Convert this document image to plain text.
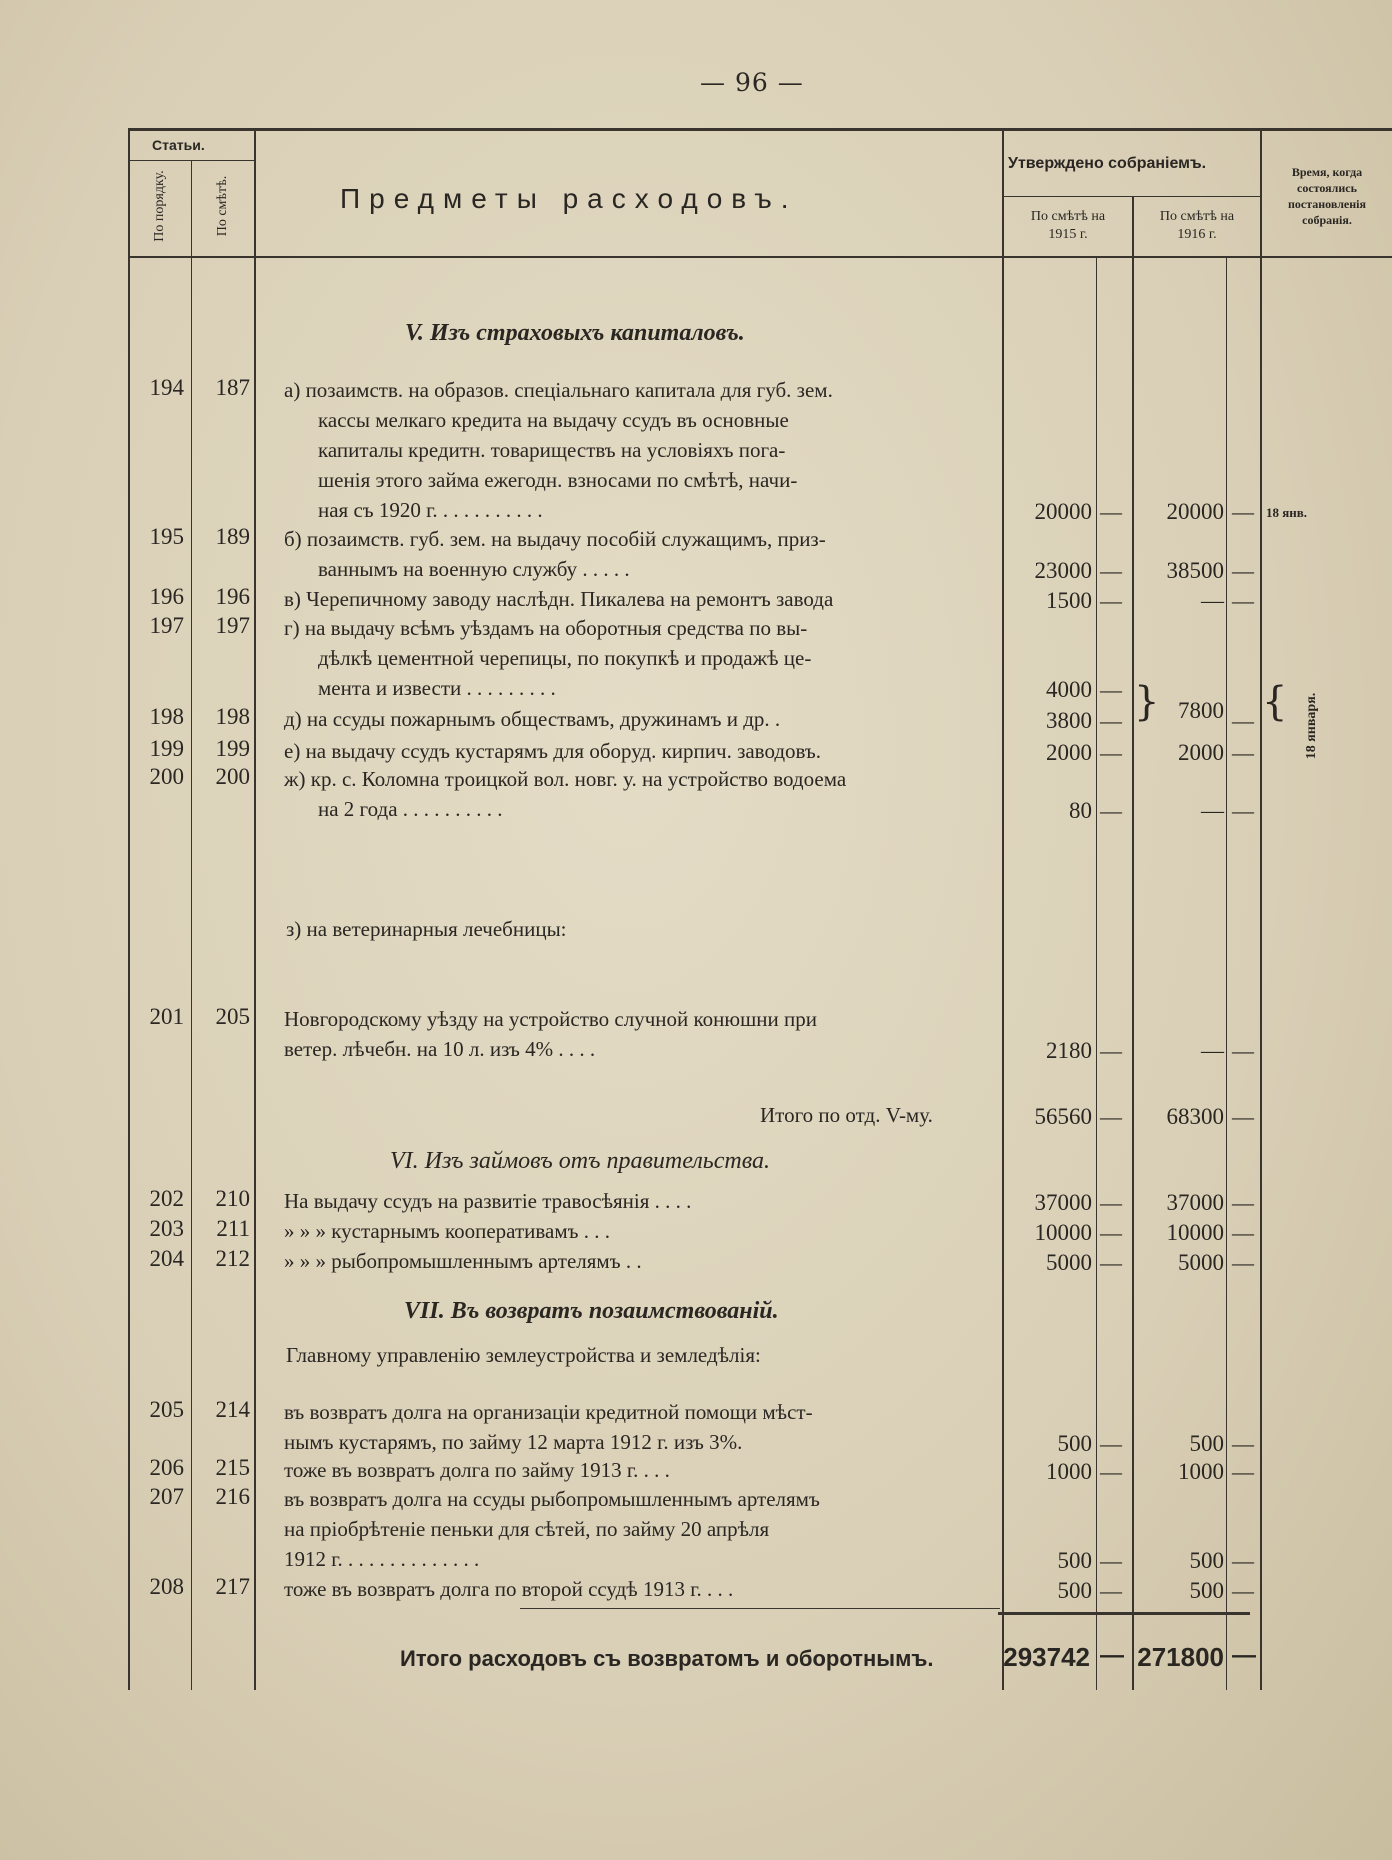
— 96 —
Статьи.
По порядку.	По смѣтѣ.	Предметы расходовъ.
Утверждено собраніемъ.
По смѣтѣ на
1915 г.
По смѣтѣ на
1916 г.
Время, когда
состоялись
постановленія
собранія.
V. Изъ страховыхъ капиталовъ.
VI. Изъ займовъ отъ правительства.
VII. Въ возвратъ позаимствованій.
194	187 а) позаимств. на образов. спеціальнаго капитала для губ. зем.
кассы мелкаго кредита на выдачу ссудъ въ основные
капиталы кредитн. товариществъ на условіяхъ пога-
шенія этого займа ежегодн. взносами по смѣтѣ, начи-
ная съ 1920 г. . . . . . . . . . .	20000 —	20000 — 18 янв.
195	189 б) позаимств. губ. зем. на выдачу пособій служащимъ, приз-
ваннымъ на военную службу . . . . .	23000 —	38500 —
196	196 в) Черепичному заводу наслѣдн. Пикалева на ремонтъ завода	1500 —	— —
197	197 г) на выдачу всѣмъ уѣздамъ на оборотныя средства по вы-
дѣлкѣ цементной черепицы, по покупкѣ и продажѣ це-
мента и извести . . . . . . . . .	4000 —
198	198 д) на ссуды пожарнымъ обществамъ, дружинамъ и др. .	3800 —	7800 —
199	199 е) на выдачу ссудъ кустарямъ для оборуд. кирпич. заводовъ.	2000 —	2000 —
200	200 ж) кр. с. Коломна троицкой вол. новг. у. на устройство водоема
на 2 года . . . . . . . . . .	80 —	— —
з) на ветеринарныя лечебницы:
201	205 Новгородскому уѣзду на устройство случной конюшни при
ветер. лѣчебн. на 10 л. изъ 4% . . . .	2180 —	— —
Итого по отд. V-му.	56560 —	68300 —
202	210 На выдачу ссудъ на развитіе травосѣянія . . . .	37000 —	37000 —
203	211 » » » кустарнымъ кооперативамъ . . .	10000 —	10000 —
204	212 » » » рыбопромышленнымъ артелямъ . .	5000 —	5000 —
Главному управленію землеустройства и земледѣлія:
205	214 въ возвратъ долга на организаціи кредитной помощи мѣст-
нымъ кустарямъ, по займу 12 марта 1912 г. изъ 3%.	500 —	500 —
206	215 тоже въ возвратъ долга по займу 1913 г. . . .	1000 —	1000 —
207	216 въ возвратъ долга на ссуды рыбопромышленнымъ артелямъ
на пріобрѣтеніе пеньки для сѣтей, по займу 20 апрѣля
1912 г. . . . . . . . . . . . . .	500 —	500 —
208	217 тоже въ возвратъ долга по второй ссудѣ 1913 г. . . .	500 —	500 —
}	{ 18 января.
Итого расходовъ съ возвратомъ и оборотнымъ.	293742 — 271800 —
